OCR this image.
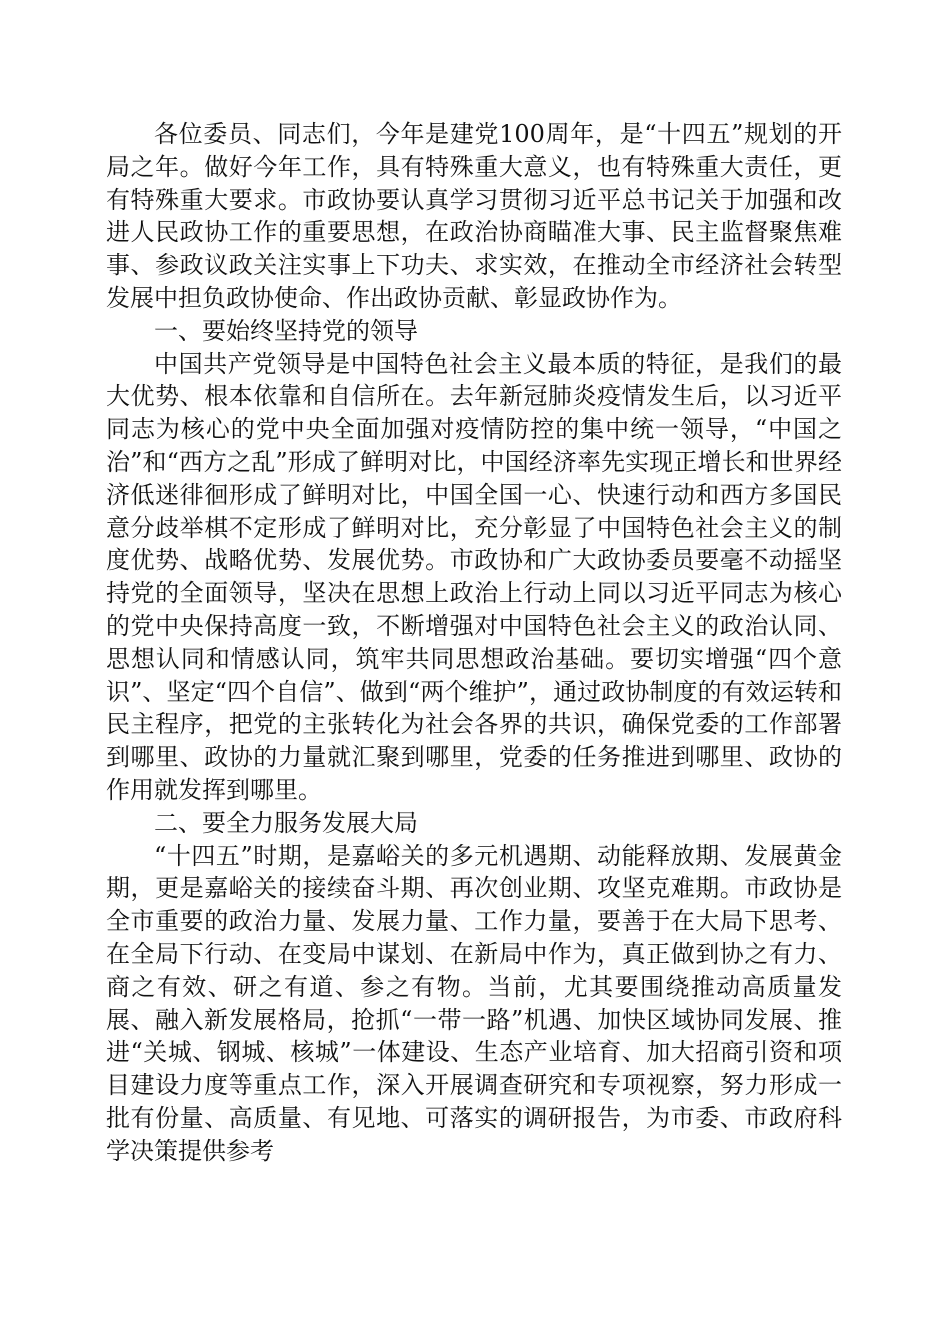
各位委员、同志们，今年是建党100周年，是“十四五”规划的开局之年。做好今年工作，具有特殊重大意义，也有特殊重大责任，更有特殊重大要求。市政协要认真学习贯彻习近平总书记关于加强和改进人民政协工作的重要思想，在政治协商瞄准大事、民主监督聚焦难事、参政议政关注实事上下功夫、求实效，在推动全市经济社会转型发展中担负政协使命、作出政协贡献、彰显政协作为。

一、要始终坚持党的领导

中国共产党领导是中国特色社会主义最本质的特征，是我们的最大优势、根本依靠和自信所在。去年新冠肺炎疫情发生后，以习近平同志为核心的党中央全面加强对疫情防控的集中统一领导，“中国之治”和“西方之乱”形成了鲜明对比，中国经济率先实现正增长和世界经济低迷徘徊形成了鲜明对比，中国全国一心、快速行动和西方多国民意分歧举棋不定形成了鲜明对比，充分彰显了中国特色社会主义的制度优势、战略优势、发展优势。市政协和广大政协委员要毫不动摇坚持党的全面领导，坚决在思想上政治上行动上同以习近平同志为核心的党中央保持高度一致，不断增强对中国特色社会主义的政治认同、思想认同和情感认同，筑牢共同思想政治基础。要切实增强“四个意识”、坚定“四个自信”、做到“两个维护”，通过政协制度的有效运转和民主程序，把党的主张转化为社会各界的共识，确保党委的工作部署到哪里、政协的力量就汇聚到哪里，党委的任务推进到哪里、政协的作用就发挥到哪里。

二、要全力服务发展大局

“十四五”时期，是嘉峪关的多元机遇期、动能释放期、发展黄金期，更是嘉峪关的接续奋斗期、再次创业期、攻坚克难期。市政协是全市重要的政治力量、发展力量、工作力量，要善于在大局下思考、在全局下行动、在变局中谋划、在新局中作为，真正做到协之有力、商之有效、研之有道、参之有物。当前，尤其要围绕推动高质量发展、融入新发展格局，抢抓“一带一路”机遇、加快区域协同发展、推进“关城、钢城、核城”一体建设、生态产业培育、加大招商引资和项目建设力度等重点工作，深入开展调查研究和专项视察，努力形成一批有份量、高质量、有见地、可落实的调研报告，为市委、市政府科学决策提供参考
